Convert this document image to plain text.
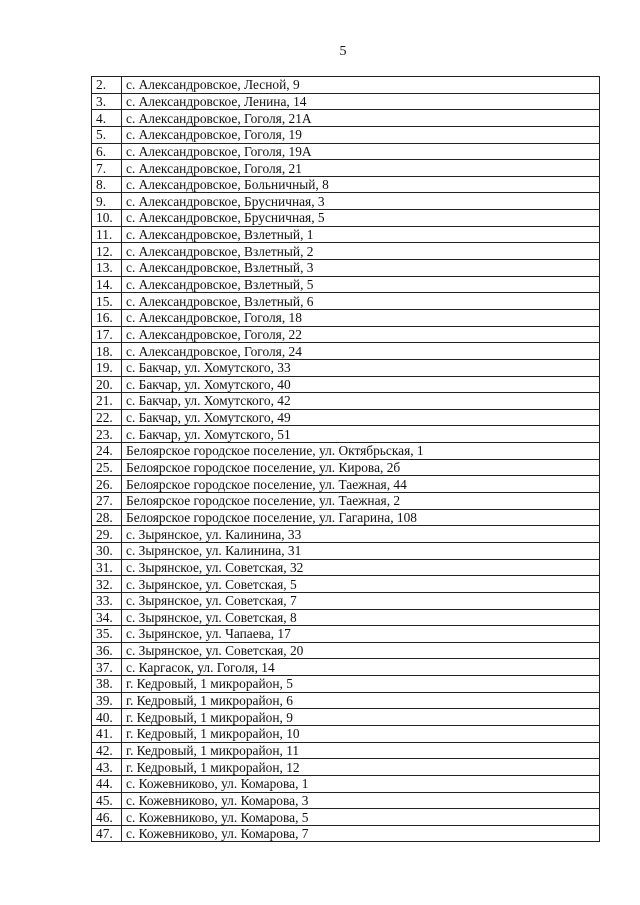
5
2.	с. Александровское, Лесной, 9
3.	с. Александровское, Ленина, 14
4.	с. Александровское, Гоголя, 21А
5.	с. Александровское, Гоголя, 19
6.	с. Александровское, Гоголя, 19А
7.	с. Александровское, Гоголя, 21
8.	с. Александровское, Больничный, 8
9.	с. Александровское, Брусничная, 3
10.	с. Александровское, Брусничная, 5
11.	с. Александровское, Взлетный, 1
12.	с. Александровское, Взлетный, 2
13.	с. Александровское, Взлетный, 3
14.	с. Александровское, Взлетный, 5
15.	с. Александровское, Взлетный, 6
16.	с. Александровское, Гоголя, 18
17.	с. Александровское, Гоголя, 22
18.	с. Александровское, Гоголя, 24
19.	с. Бакчар, ул. Хомутского, 33
20.	с. Бакчар, ул. Хомутского, 40
21.	с. Бакчар, ул. Хомутского, 42
22.	с. Бакчар, ул. Хомутского, 49
23.	с. Бакчар, ул. Хомутского, 51
24.	Белоярское городское поселение, ул. Октябрьская, 1
25.	Белоярское городское поселение, ул. Кирова, 2б
26.	Белоярское городское поселение, ул. Таежная, 44
27.	Белоярское городское поселение, ул. Таежная, 2
28.	Белоярское городское поселение, ул. Гагарина, 108
29.	с. Зырянское, ул. Калинина, 33
30.	с. Зырянское, ул. Калинина, 31
31.	с. Зырянское, ул. Советская, 32
32.	с. Зырянское, ул. Советская, 5
33.	с. Зырянское, ул. Советская, 7
34.	с. Зырянское, ул. Советская, 8
35.	с. Зырянское, ул. Чапаева, 17
36.	с. Зырянское, ул. Советская, 20
37.	с. Каргасок, ул. Гоголя, 14
38.	г. Кедровый, 1 микрорайон, 5
39.	г. Кедровый, 1 микрорайон, 6
40.	г. Кедровый, 1 микрорайон, 9
41.	г. Кедровый, 1 микрорайон, 10
42.	г. Кедровый, 1 микрорайон, 11
43.	г. Кедровый, 1 микрорайон, 12
44.	с. Кожевниково, ул. Комарова, 1
45.	с. Кожевниково, ул. Комарова, 3
46.	с. Кожевниково, ул. Комарова, 5
47.	с. Кожевниково, ул. Комарова, 7
